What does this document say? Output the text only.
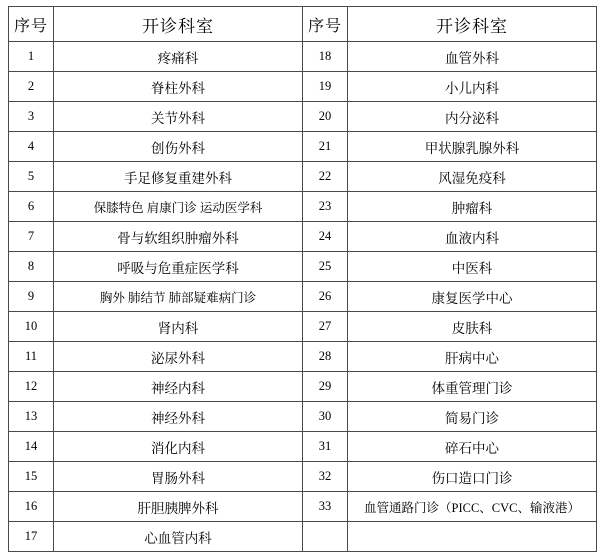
序号	开诊科室	序号	开诊科室
1	疼痛科	18	血管外科
2	脊柱外科	19	小儿内科
3	关节外科	20	内分泌科
4	创伤外科	21	甲状腺乳腺外科
5	手足修复重建外科	22	风湿免疫科
6	保膝特色 肩康门诊 运动医学科	23	肿瘤科
7	骨与软组织肿瘤外科	24	血液内科
8	呼吸与危重症医学科	25	中医科
9	胸外 肺结节 肺部疑难病门诊	26	康复医学中心
10	肾内科	27	皮肤科
11	泌尿外科	28	肝病中心
12	神经内科	29	体重管理门诊
13	神经外科	30	简易门诊
14	消化内科	31	碎石中心
15	胃肠外科	32	伤口造口门诊
16	肝胆胰脾外科	33	血管通路门诊（PICC、CVC、输液港）
17	心血管内科		
